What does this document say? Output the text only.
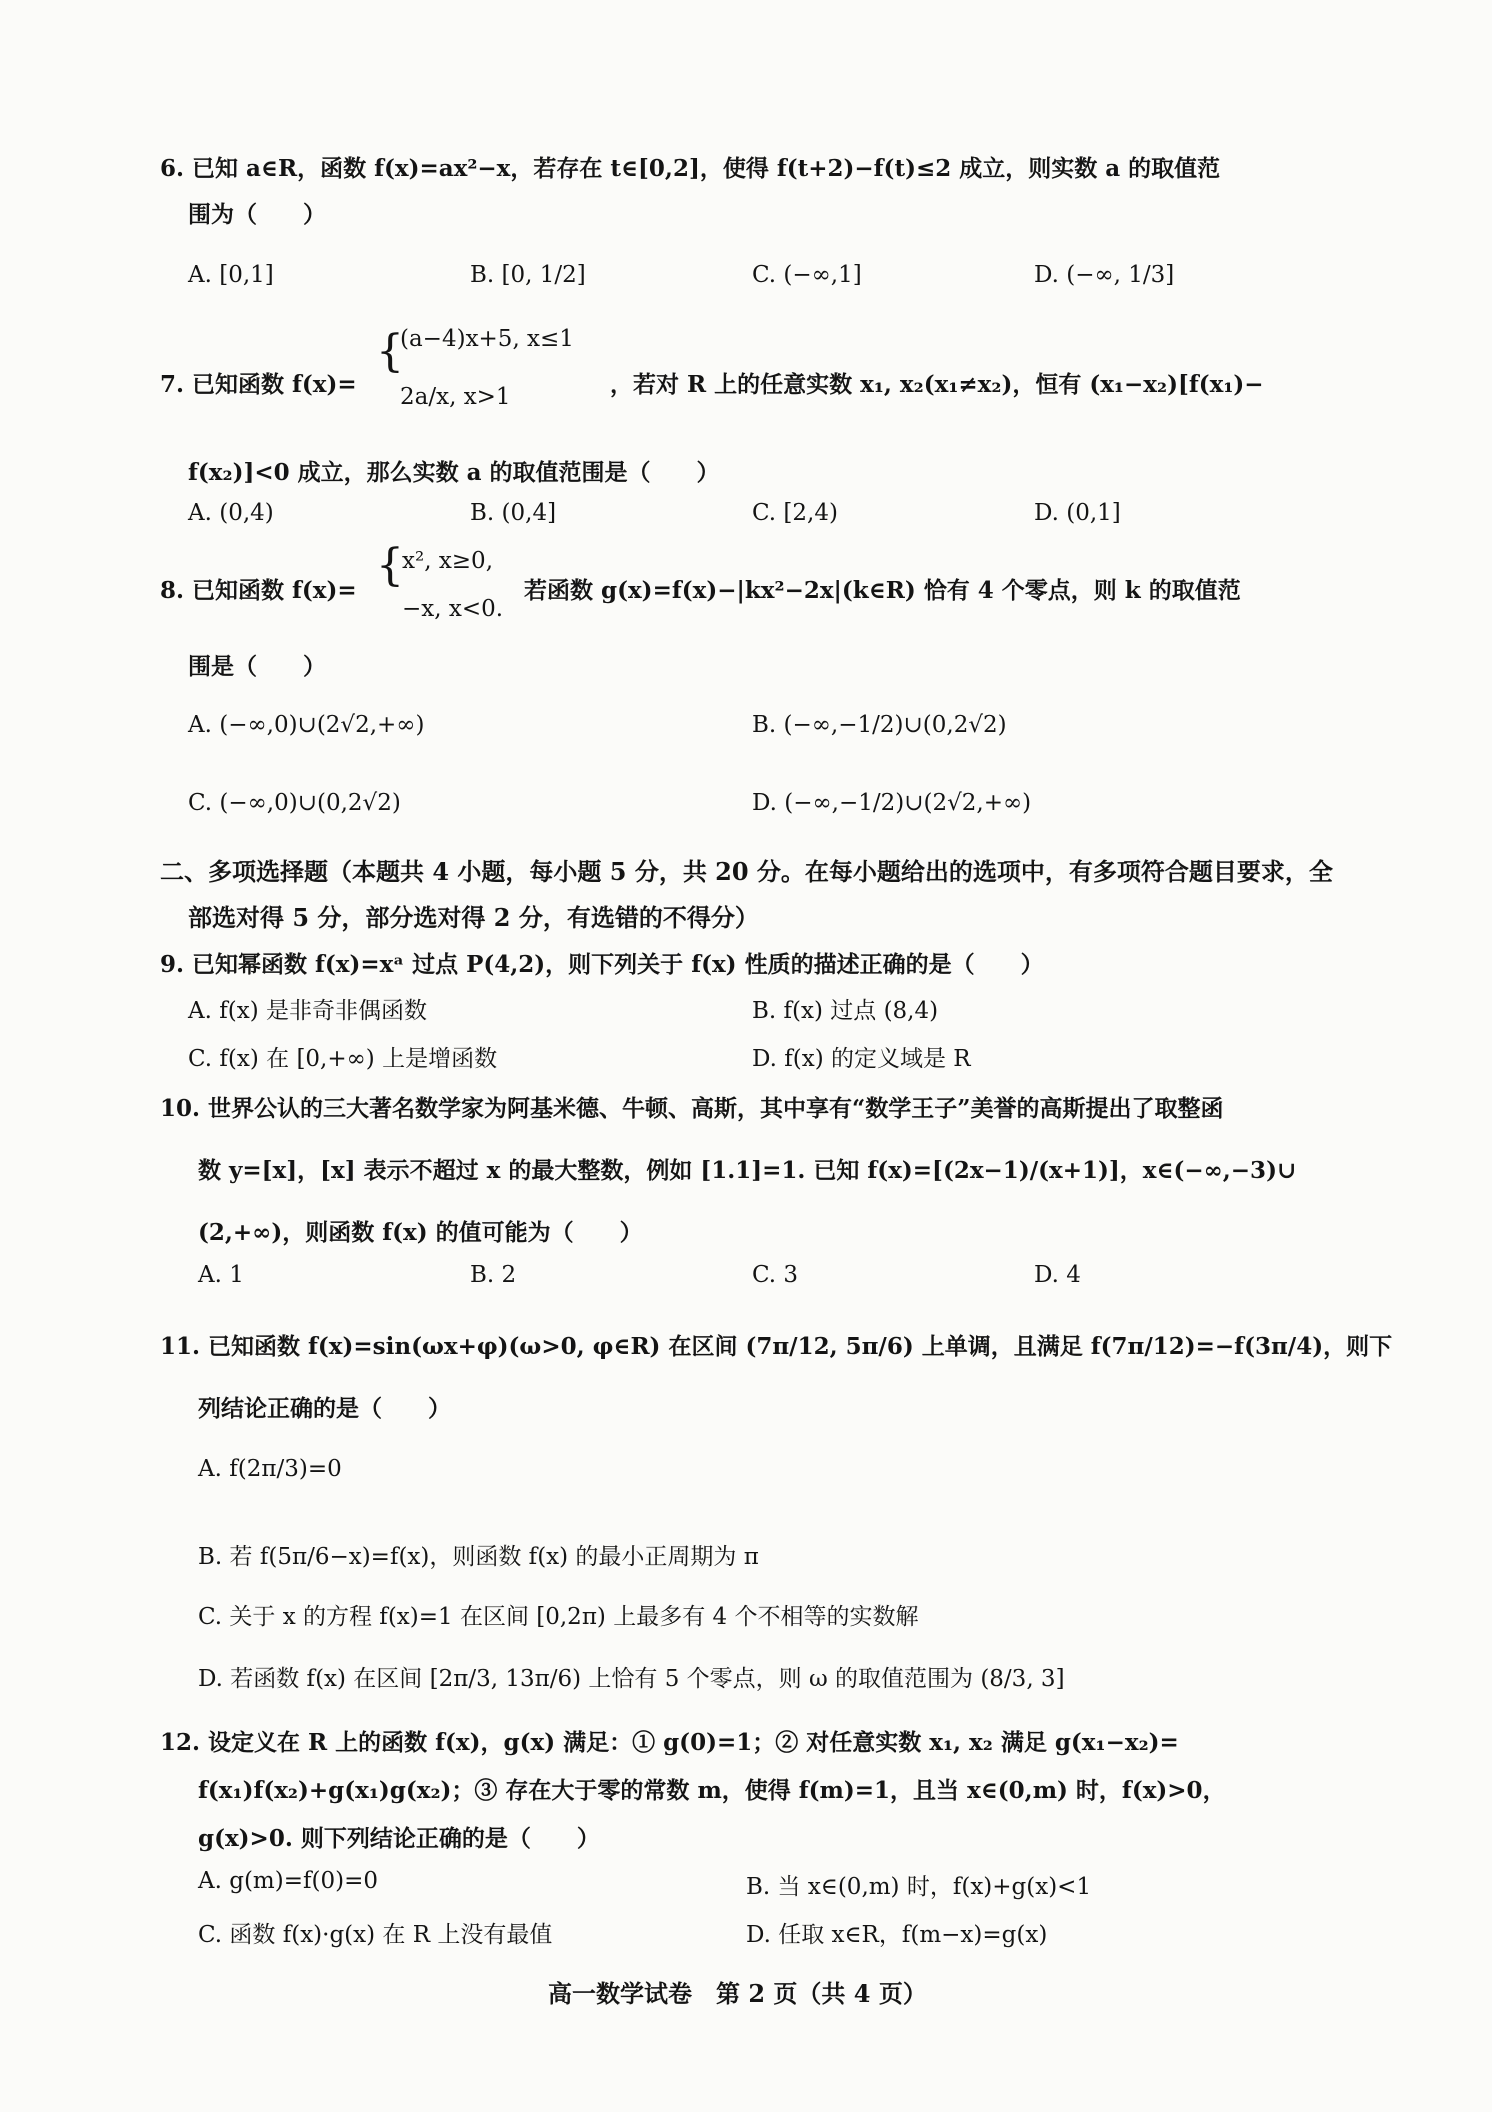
6. 已知 a∈R，函数 f(x)=ax²−x，若存在 t∈[0,2]，使得 f(t+2)−f(t)≤2 成立，则实数 a 的取值范
围为（　　）
A. [0,1]	B. [0, 1/2]	C. (−∞,1]	D. (−∞, 1/3]
7. 已知函数 f(x)=
{
(a−4)x+5, x≤1
2a/x, x>1	，若对 R 上的任意实数 x₁, x₂(x₁≠x₂)，恒有 (x₁−x₂)[f(x₁)−
f(x₂)]<0 成立，那么实数 a 的取值范围是（　　）
A. (0,4)	B. (0,4]	C. [2,4)	D. (0,1]
8. 已知函数 f(x)= {
x², x≥0,
−x, x<0.
若函数 g(x)=f(x)−|kx²−2x|(k∈R) 恰有 4 个零点，则 k 的取值范
围是（　　）
A. (−∞,0)∪(2√2,+∞)	B. (−∞,−1/2)∪(0,2√2)
C. (−∞,0)∪(0,2√2)	D. (−∞,−1/2)∪(2√2,+∞)
二、多项选择题（本题共 4 小题，每小题 5 分，共 20 分。在每小题给出的选项中，有多项符合题目要求，全
部选对得 5 分，部分选对得 2 分，有选错的不得分）
9. 已知幂函数 f(x)=xᵃ 过点 P(4,2)，则下列关于 f(x) 性质的描述正确的是（　　）
A. f(x) 是非奇非偶函数	B. f(x) 过点 (8,4)
C. f(x) 在 [0,+∞) 上是增函数	D. f(x) 的定义域是 R
10. 世界公认的三大著名数学家为阿基米德、牛顿、高斯，其中享有“数学王子”美誉的高斯提出了取整函
数 y=[x]，[x] 表示不超过 x 的最大整数，例如 [1.1]=1. 已知 f(x)=[(2x−1)/(x+1)]，x∈(−∞,−3)∪
(2,+∞)，则函数 f(x) 的值可能为（　　）
A. 1	B. 2	C. 3	D. 4
11. 已知函数 f(x)=sin(ωx+φ)(ω>0, φ∈R) 在区间 (7π/12, 5π/6) 上单调，且满足 f(7π/12)=−f(3π/4)，则下
列结论正确的是（　　）
A. f(2π/3)=0
B. 若 f(5π/6−x)=f(x)，则函数 f(x) 的最小正周期为 π
C. 关于 x 的方程 f(x)=1 在区间 [0,2π) 上最多有 4 个不相等的实数解
D. 若函数 f(x) 在区间 [2π/3, 13π/6) 上恰有 5 个零点，则 ω 的取值范围为 (8/3, 3]
12. 设定义在 R 上的函数 f(x)，g(x) 满足：① g(0)=1；② 对任意实数 x₁, x₂ 满足 g(x₁−x₂)=
f(x₁)f(x₂)+g(x₁)g(x₂)；③ 存在大于零的常数 m，使得 f(m)=1，且当 x∈(0,m) 时，f(x)>0，
g(x)>0. 则下列结论正确的是（　　）
A. g(m)=f(0)=0	B. 当 x∈(0,m) 时，f(x)+g(x)<1
C. 函数 f(x)·g(x) 在 R 上没有最值	D. 任取 x∈R，f(m−x)=g(x)
高一数学试卷　第 2 页（共 4 页）
